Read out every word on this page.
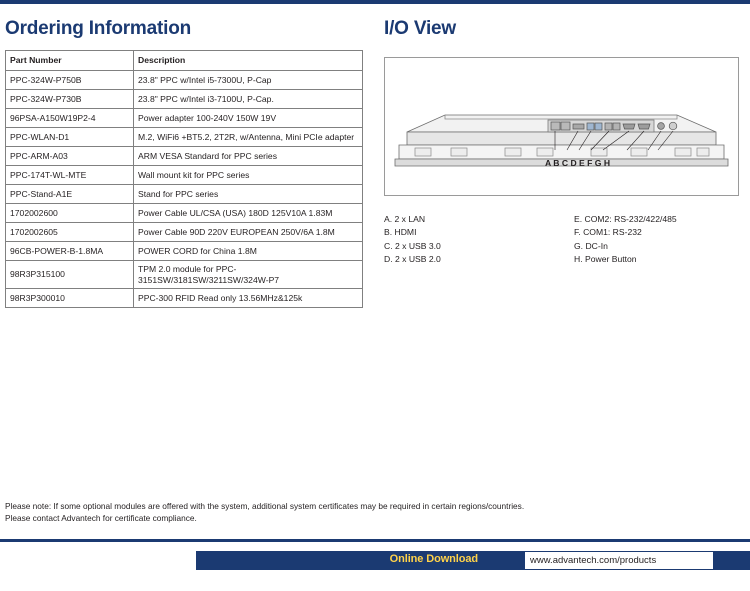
Ordering Information
Part Number	Description
PPC-324W-P750B	23.8" PPC w/Intel i5-7300U, P-Cap
PPC-324W-P730B	23.8" PPC w/Intel i3-7100U, P-Cap.
96PSA-A150W19P2-4	Power adapter 100-240V 150W 19V
PPC-WLAN-D1	M.2, WiFi6 +BT5.2, 2T2R, w/Antenna, Mini PCIe adapter
PPC-ARM-A03	ARM VESA Standard for PPC series
PPC-174T-WL-MTE	Wall mount kit for PPC series
PPC-Stand-A1E	Stand for PPC series
1702002600	Power Cable UL/CSA (USA) 180D 125V10A 1.83M
1702002605	Power Cable 90D 220V EUROPEAN 250V/6A 1.8M
96CB-POWER-B-1.8MA	POWER CORD for China 1.8M
98R3P315100	TPM 2.0 module for PPC-3151SW/3181SW/3211SW/324W-P7
98R3P300010	PPC-300 RFID Read only 13.56MHz&125k
I/O View
A B C D E F G H
A. 2 x LAN
B. HDMI
C. 2 x USB 3.0
D. 2 x USB 2.0
E. COM2: RS-232/422/485
F. COM1: RS-232
G. DC-In
H. Power Button
Please note: If some optional modules are offered with the system, additional system certificates may be required in certain regions/countries.
Please contact Advantech for certificate compliance.
Online Download	www.advantech.com/products
